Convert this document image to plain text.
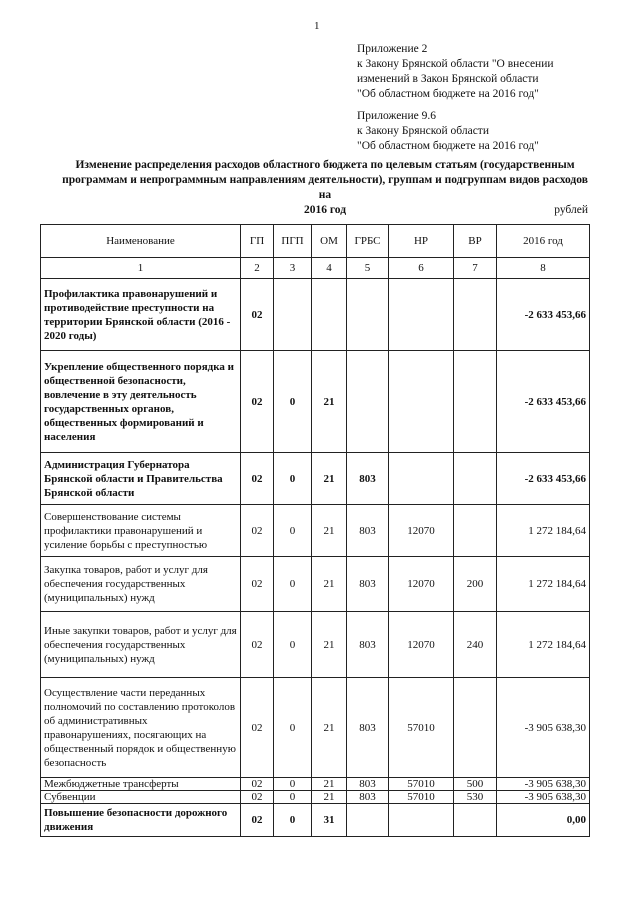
1
Приложение 2
к Закону Брянской области "О внесении
изменений в Закон Брянской области
"Об областном бюджете на 2016 год"
Приложение 9.6
к Закону Брянской области
"Об областном бюджете на 2016 год"
Изменение распределения расходов областного бюджета по целевым статьям (государственным
программам и непрограммным направлениям деятельности), группам и подгруппам видов расходов на
2016 год	рублей
Наименование	ГП	ПГП	ОМ	ГРБС	НР	ВР	2016 год
1	2	3	4	5	6	7	8
Профилактика правонарушений и противодействие преступности на территории Брянской области (2016 - 2020 годы)	02						-2 633 453,66
Укрепление общественного порядка и общественной безопасности, вовлечение в эту деятельность государственных органов, общественных формирований и населения	02	0	21				-2 633 453,66
Администрация Губернатора Брянской области и Правительства Брянской области	02	0	21	803			-2 633 453,66
Совершенствование системы профилактики правонарушений и усиление борьбы с преступностью	02	0	21	803	12070		1 272 184,64
Закупка товаров, работ и услуг для обеспечения государственных (муниципальных) нужд	02	0	21	803	12070	200	1 272 184,64
Иные закупки товаров, работ и услуг для обеспечения государственных (муниципальных) нужд	02	0	21	803	12070	240	1 272 184,64
Осуществление части переданных полномочий по составлению протоколов об административных правонарушениях, посягающих на общественный порядок и общественную безопасность	02	0	21	803	57010		-3 905 638,30
Межбюджетные трансферты	02	0	21	803	57010	500	-3 905 638,30
Субвенции	02	0	21	803	57010	530	-3 905 638,30
Повышение безопасности дорожного движения	02	0	31				0,00
